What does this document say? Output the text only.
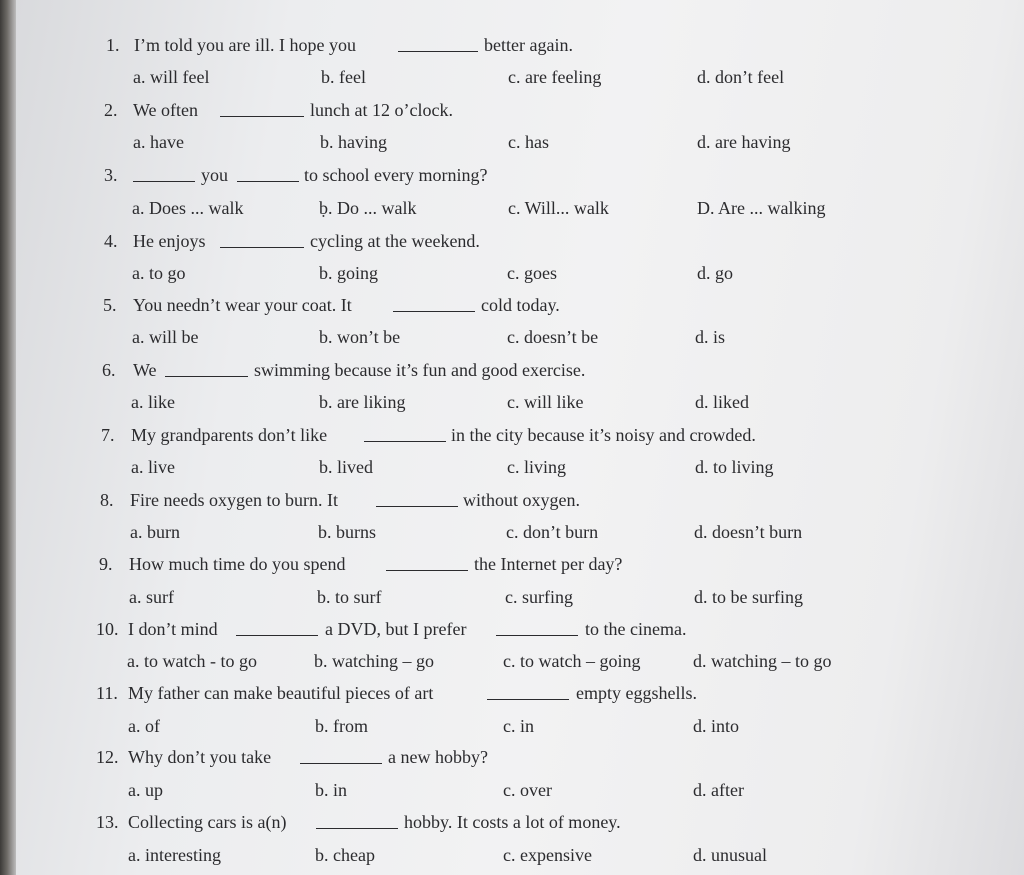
1. I’m told you are ill. I hope you	better again.
a. will feel	b. feel	c. are feeling	d. don’t feel
2. We often	lunch at 12 o’clock.
a. have	b. having	c. has	d. are having
3.	you	to school every morning?
a. Does ... walk	ḅ. Do ... walk	c. Will... walk	D. Are ... walking
4. He enjoys	cycling at the weekend.
a. to go	b. going	c. goes	d. go
5. You needn’t wear your coat. It	cold today.
a. will be	b. won’t be	c. doesn’t be	d. is
6. We	swimming because it’s fun and good exercise.
a. like	b. are liking	c. will like	d. liked
7. My grandparents don’t like	in the city because it’s noisy and crowded.
a. live	b. lived	c. living	d. to living
8. Fire needs oxygen to burn. It	without oxygen.
a. burn	b. burns	c. don’t burn	d. doesn’t burn
9. How much time do you spend	the Internet per day?
a. surf	b. to surf	c. surfing	d. to be surfing
10. I don’t mind	a DVD, but I prefer	to the cinema.
a. to watch - to go	b. watching – go	c. to watch – going	d. watching – to go
11. My father can make beautiful pieces of art	empty eggshells.
a. of	b. from	c. in	d. into
12. Why don’t you take	a new hobby?
a. up	b. in	c. over	d. after
13. Collecting cars is a(n)	hobby. It costs a lot of money.
a. interesting	b. cheap	c. expensive	d. unusual
